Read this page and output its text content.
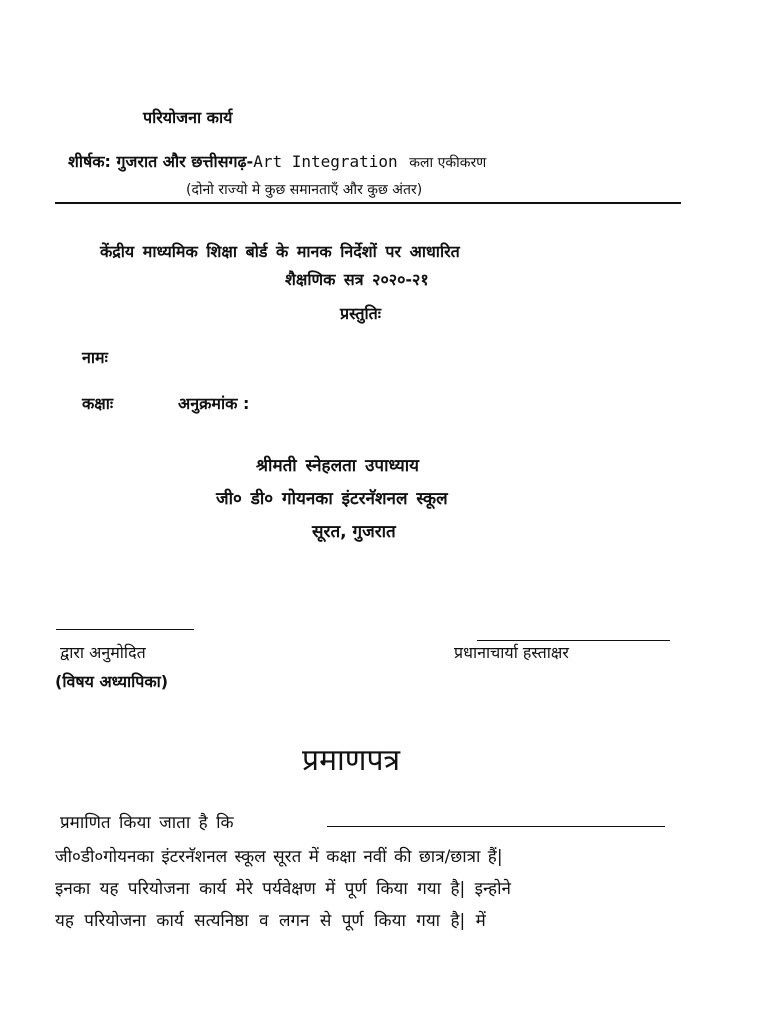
परियोजना कार्य
शीर्षक: गुजरात और छत्तीसगढ़-Art Integration कला एकीकरण
(दोनो राज्यो मे कुछ समानताएँ और कुछ अंतर)
केंद्रीय माध्यमिक शिक्षा बोर्ड के मानक निर्देशों पर आधारित
शैक्षणिक सत्र २०२०-२१
प्रस्तुतिः
नामः
कक्षाः	अनुक्रमांक :
श्रीमती स्नेहलता उपाध्याय
जी० डी० गोयनका इंटरनॅशनल स्कूल
सूरत, गुजरात
द्वारा अनुमोदित
(विषय अध्यापिका)
प्रधानाचार्या हस्ताक्षर
प्रमाणपत्र
प्रमाणित किया जाता है कि
जी०डी०गोयनका इंटरनॅशनल स्कूल सूरत में कक्षा नवीं की छात्र/छात्रा हैं|
इनका यह परियोजना कार्य मेरे पर्यवेक्षण में पूर्ण किया गया है| इन्होने
यह परियोजना कार्य सत्यनिष्ठा व लगन से पूर्ण किया गया है| में
